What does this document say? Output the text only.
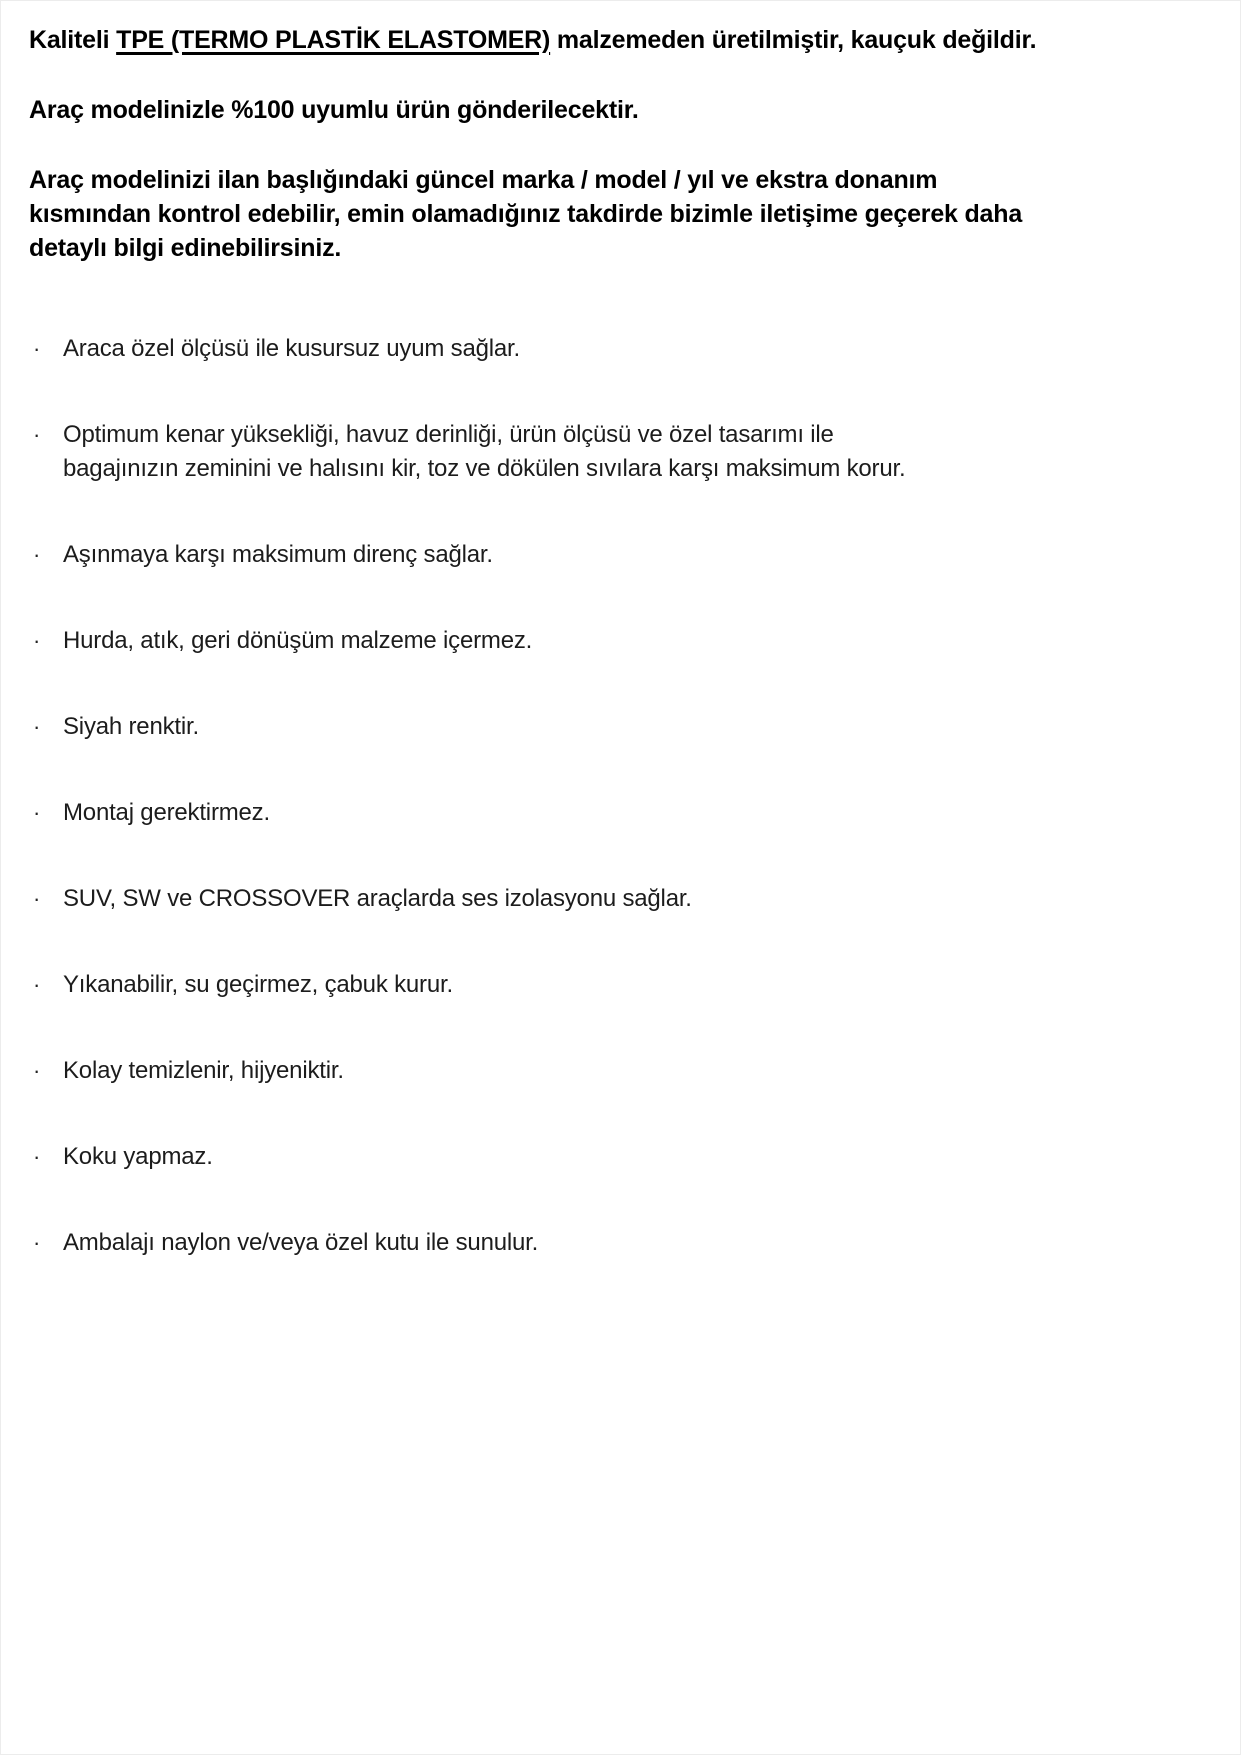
Kaliteli TPE (TERMO PLASTİK ELASTOMER) malzemeden üretilmiştir, kauçuk değildir.

Araç modelinizle %100 uyumlu ürün gönderilecektir.

Araç modelinizi ilan başlığındaki güncel marka / model / yıl ve ekstra donanım
kısmından kontrol edebilir, emin olamadığınız takdirde bizimle iletişime geçerek daha
detaylı bilgi edinebilirsiniz.
· Araca özel ölçüsü ile kusursuz uyum sağlar.
· Optimum kenar yüksekliği, havuz derinliği, ürün ölçüsü ve özel tasarımı ile
bagajınızın zeminini ve halısını kir, toz ve dökülen sıvılara karşı maksimum korur.
· Aşınmaya karşı maksimum direnç sağlar.
· Hurda, atık, geri dönüşüm malzeme içermez.
· Siyah renktir.
· Montaj gerektirmez.
· SUV, SW ve CROSSOVER araçlarda ses izolasyonu sağlar.
· Yıkanabilir, su geçirmez, çabuk kurur.
· Kolay temizlenir, hijyeniktir.
· Koku yapmaz.
· Ambalajı naylon ve/veya özel kutu ile sunulur.
